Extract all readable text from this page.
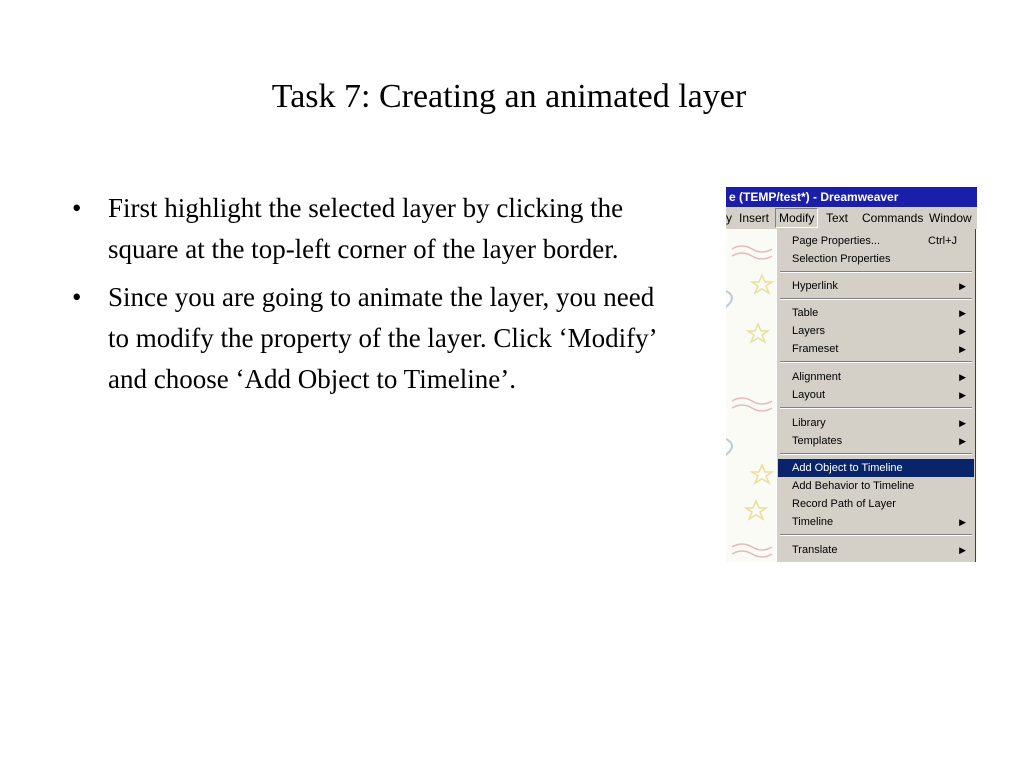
Task 7: Creating an animated layer
• First highlight the selected layer by clicking the square at the top-left corner of the layer border.
• Since you are going to animate the layer, you need to modify the property of the layer. Click ‘Modify’ and choose ‘Add Object to Timeline’.
e (TEMP/test*) - Dreamweaver
y Insert Modify Text Commands Window
Page Properties...	Ctrl+J
Selection Properties
Hyperlink	▶
Table	▶
Layers	▶
Frameset	▶
Alignment	▶
Layout	▶
Library	▶
Templates	▶
Add Object to Timeline
Add Behavior to Timeline
Record Path of Layer
Timeline	▶
Translate	▶
